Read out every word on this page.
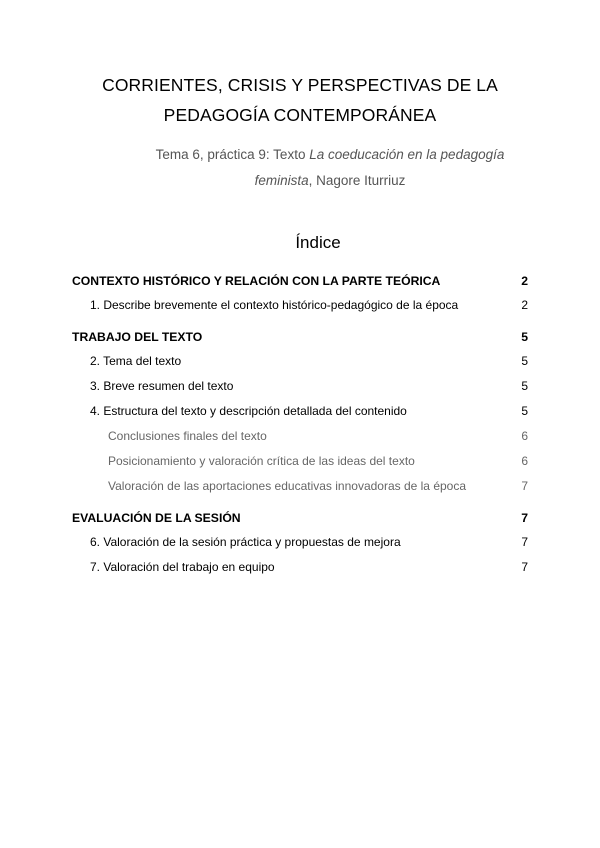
CORRIENTES, CRISIS Y PERSPECTIVAS DE LA
PEDAGOGÍA CONTEMPORÁNEA
Tema 6, práctica 9: Texto La coeducación en la pedagogía
feminista, Nagore Iturriuz
Índice
CONTEXTO HISTÓRICO Y RELACIÓN CON LA PARTE TEÓRICA	2
1. Describe brevemente el contexto histórico-pedagógico de la época	2
TRABAJO DEL TEXTO	5
2. Tema del texto	5
3. Breve resumen del texto	5
4. Estructura del texto y descripción detallada del contenido	5
Conclusiones finales del texto	6
Posicionamiento y valoración crítica de las ideas del texto	6
Valoración de las aportaciones educativas innovadoras de la época	7
EVALUACIÓN DE LA SESIÓN	7
6. Valoración de la sesión práctica y propuestas de mejora	7
7. Valoración del trabajo en equipo	7
